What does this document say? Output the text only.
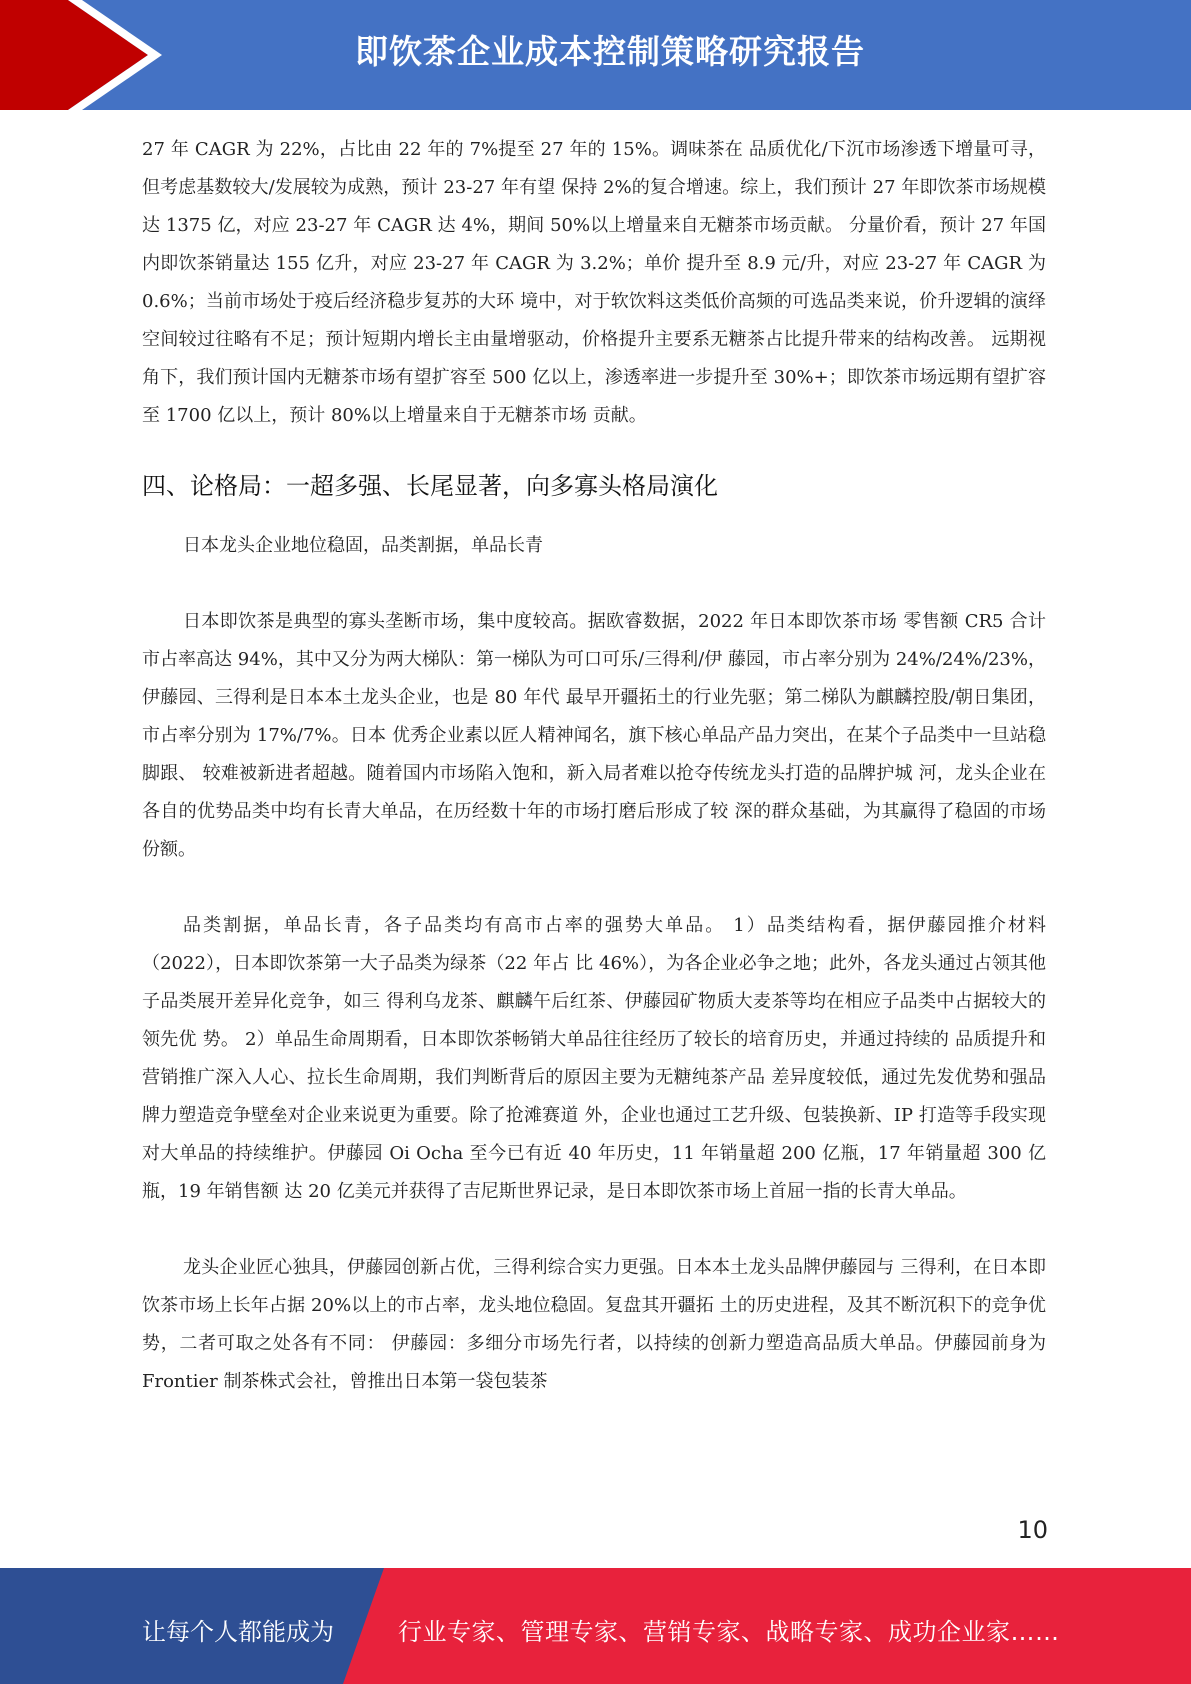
即饮茶企业成本控制策略研究报告

27 年 CAGR 为 22%，占比由 22 年的 7%提至 27 年的 15%。调味茶在 品质优化/下沉市场渗透下增量可寻，但考虑基数较大/发展较为成熟，预计 23-27 年有望 保持 2%的复合增速。综上，我们预计 27 年即饮茶市场规模达 1375 亿，对应 23-27 年 CAGR 达 4%，期间 50%以上增量来自无糖茶市场贡献。 分量价看，预计 27 年国内即饮茶销量达 155 亿升，对应 23-27 年 CAGR 为 3.2%；单价 提升至 8.9 元/升，对应 23-27 年 CAGR 为 0.6%；当前市场处于疫后经济稳步复苏的大环 境中，对于软饮料这类低价高频的可选品类来说，价升逻辑的演绎空间较过往略有不足；预计短期内增长主由量增驱动，价格提升主要系无糖茶占比提升带来的结构改善。 远期视角下，我们预计国内无糖茶市场有望扩容至 500 亿以上，渗透率进一步提升至 30%+；即饮茶市场远期有望扩容至 1700 亿以上，预计 80%以上增量来自于无糖茶市场 贡献。

四、论格局：一超多强、长尾显著，向多寡头格局演化

日本龙头企业地位稳固，品类割据，单品长青

日本即饮茶是典型的寡头垄断市场，集中度较高。据欧睿数据，2022 年日本即饮茶市场 零售额 CR5 合计市占率高达 94%，其中又分为两大梯队：第一梯队为可口可乐/三得利/伊 藤园，市占率分别为 24%/24%/23%，伊藤园、三得利是日本本土龙头企业，也是 80 年代 最早开疆拓土的行业先驱；第二梯队为麒麟控股/朝日集团，市占率分别为 17%/7%。日本 优秀企业素以匠人精神闻名，旗下核心单品产品力突出，在某个子品类中一旦站稳脚跟、 较难被新进者超越。随着国内市场陷入饱和，新入局者难以抢夺传统龙头打造的品牌护城 河，龙头企业在各自的优势品类中均有长青大单品，在历经数十年的市场打磨后形成了较 深的群众基础，为其赢得了稳固的市场份额。

品类割据，单品长青，各子品类均有高市占率的强势大单品。 1）品类结构看，据伊藤园推介材料（2022），日本即饮茶第一大子品类为绿茶（22 年占 比 46%），为各企业必争之地；此外，各龙头通过占领其他子品类展开差异化竞争，如三 得利乌龙茶、麒麟午后红茶、伊藤园矿物质大麦茶等均在相应子品类中占据较大的领先优 势。 2）单品生命周期看，日本即饮茶畅销大单品往往经历了较长的培育历史，并通过持续的 品质提升和营销推广深入人心、拉长生命周期，我们判断背后的原因主要为无糖纯茶产品 差异度较低，通过先发优势和强品牌力塑造竞争壁垒对企业来说更为重要。除了抢滩赛道 外，企业也通过工艺升级、包装换新、IP 打造等手段实现对大单品的持续维护。伊藤园 Oi Ocha 至今已有近 40 年历史，11 年销量超 200 亿瓶，17 年销量超 300 亿瓶，19 年销售额 达 20 亿美元并获得了吉尼斯世界记录，是日本即饮茶市场上首屈一指的长青大单品。

龙头企业匠心独具，伊藤园创新占优，三得利综合实力更强。日本本土龙头品牌伊藤园与 三得利，在日本即饮茶市场上长年占据 20%以上的市占率，龙头地位稳固。复盘其开疆拓 土的历史进程，及其不断沉积下的竞争优势，二者可取之处各有不同： 伊藤园：多细分市场先行者，以持续的创新力塑造高品质大单品。伊藤园前身为 Frontier 制茶株式会社，曾推出日本第一袋包装茶

10
让每个人都能成为	行业专家、管理专家、营销专家、战略专家、成功企业家……
